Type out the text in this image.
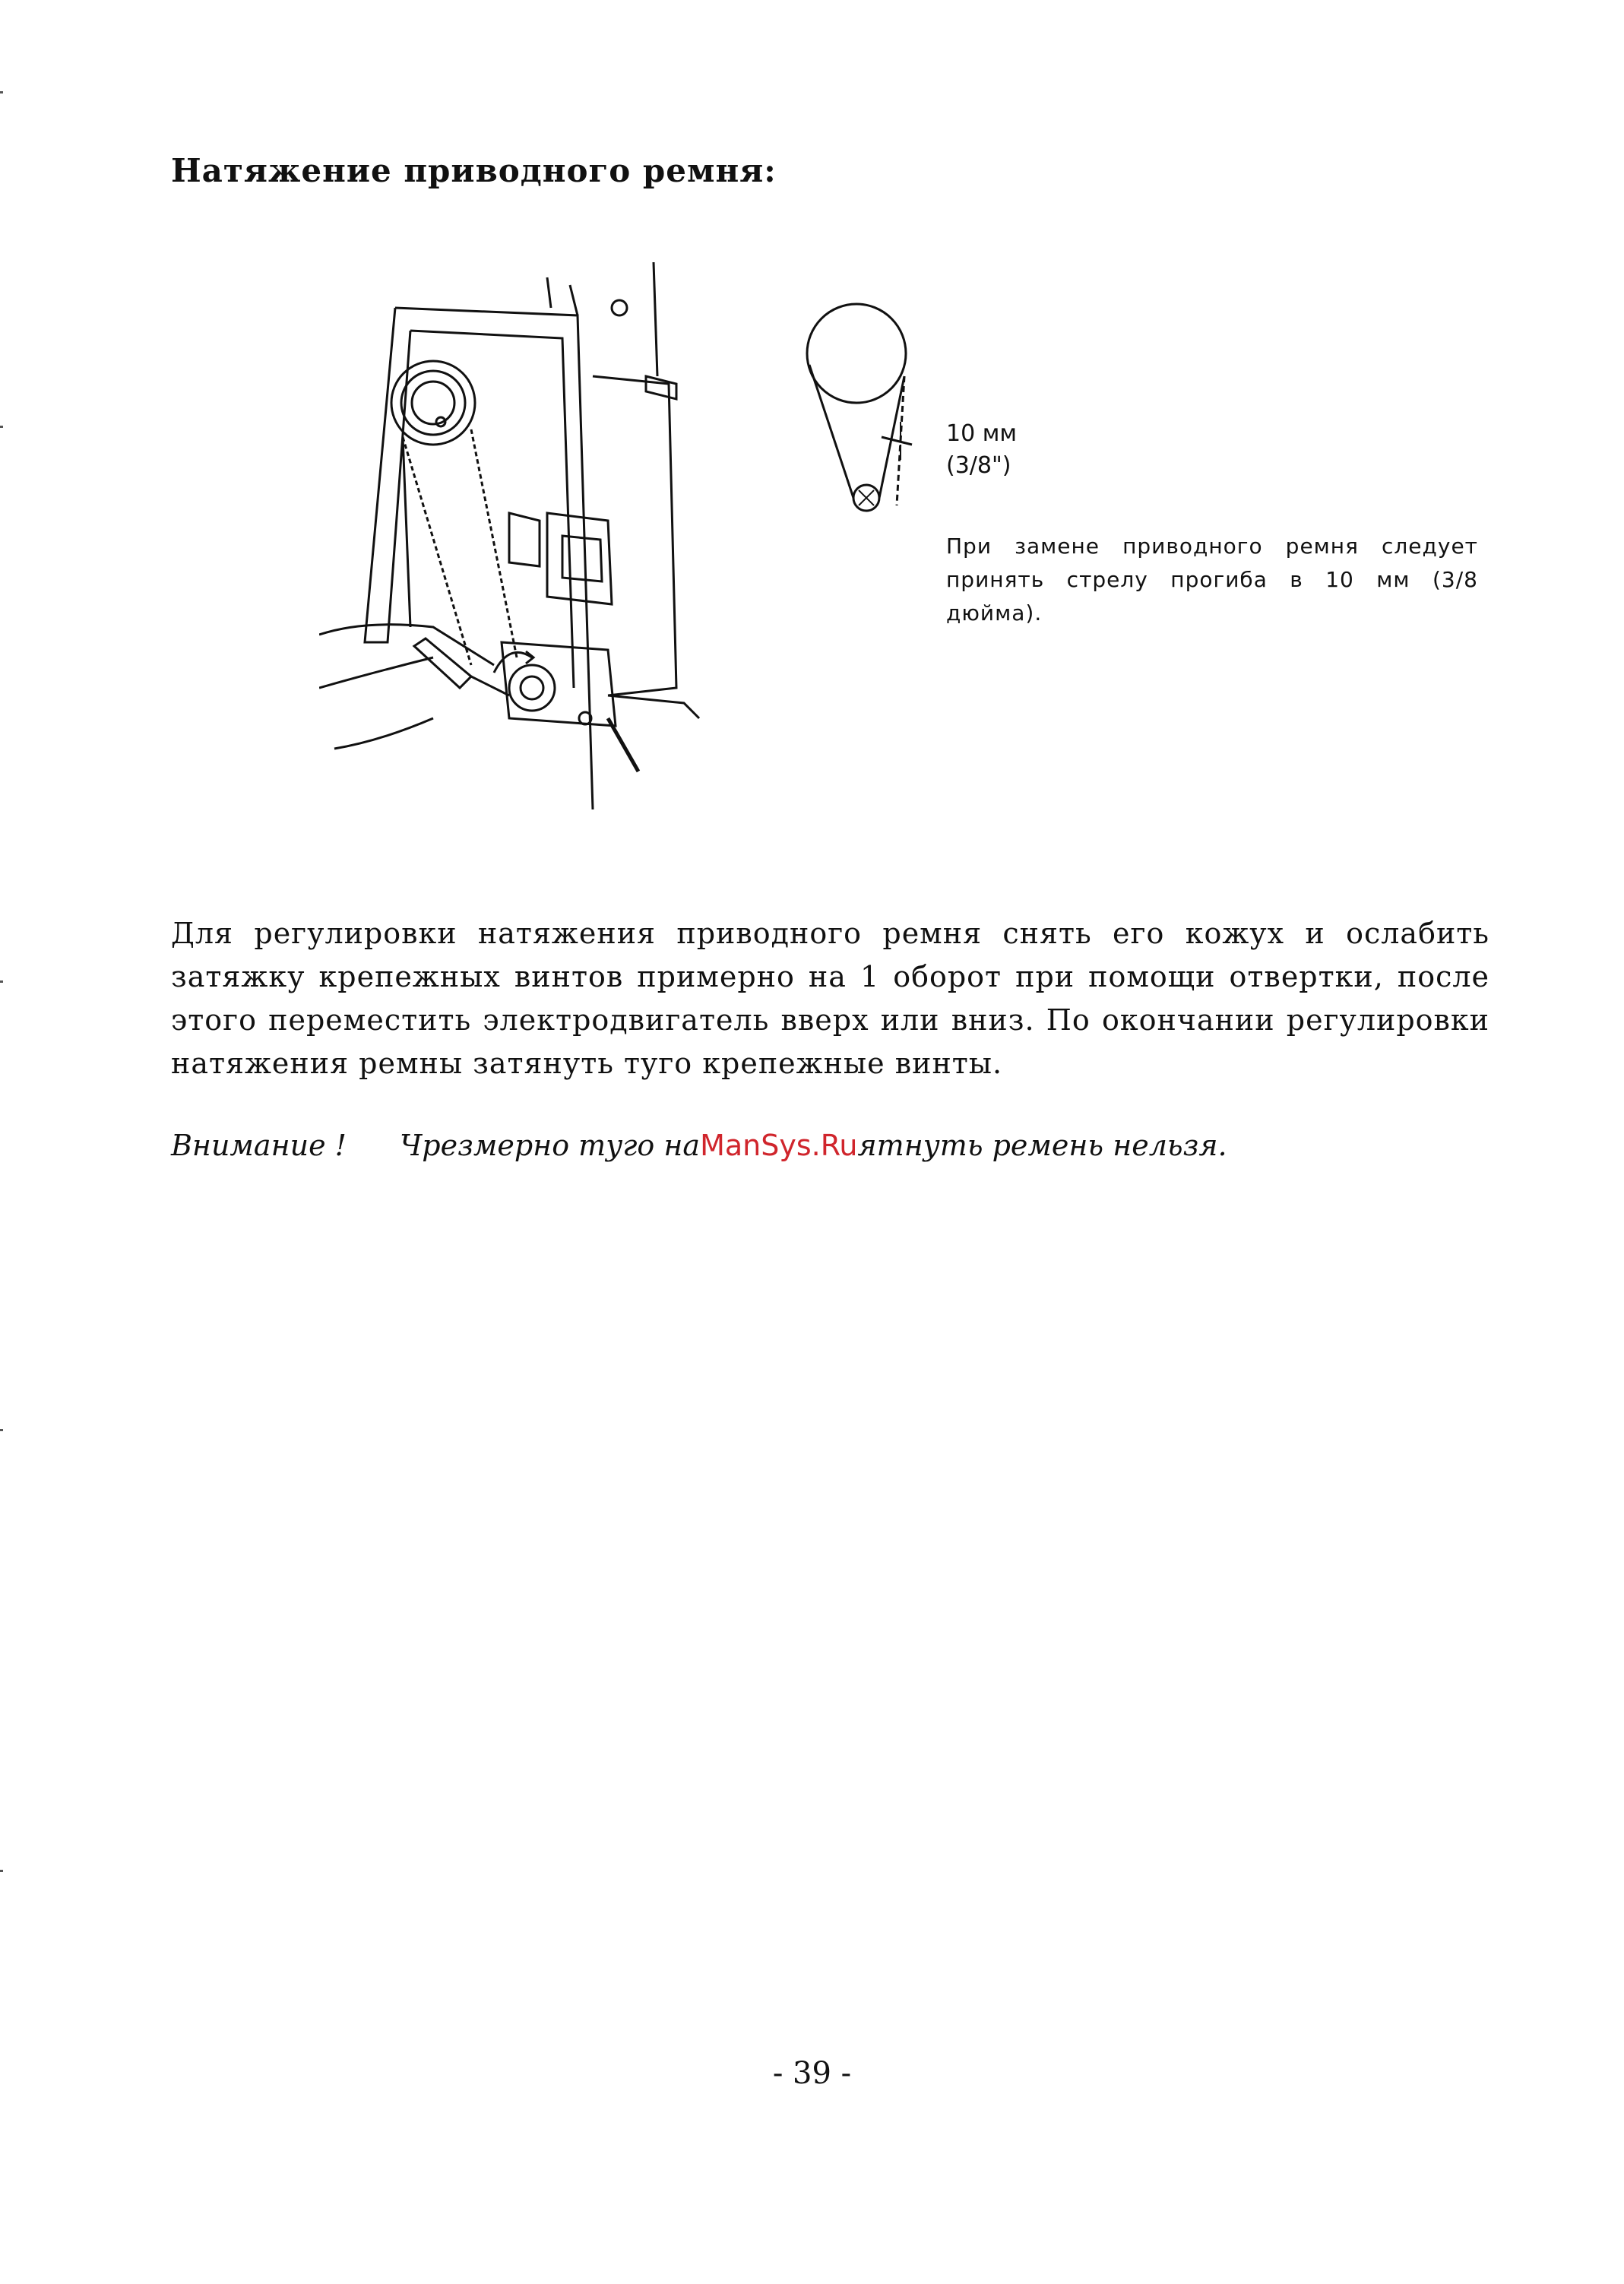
Натяжение приводного ремня:
10 мм
(3/8")
При замене приводного ремня следует принять стрелу прогиба в 10 мм (3/8 дюйма).
Для регулировки натяжения приводного ремня снять его кожух и ослабить затяжку крепежных винтов примерно на 1 оборот при помощи отвертки, после этого переместить электродвигатель вверх или вниз. По окончании регулировки натяжения ремны затянуть туго крепежные винты.
Внимание ! Чрезмерно туго наManSys.Ruятнуть ремень нельзя.
- 39 -
